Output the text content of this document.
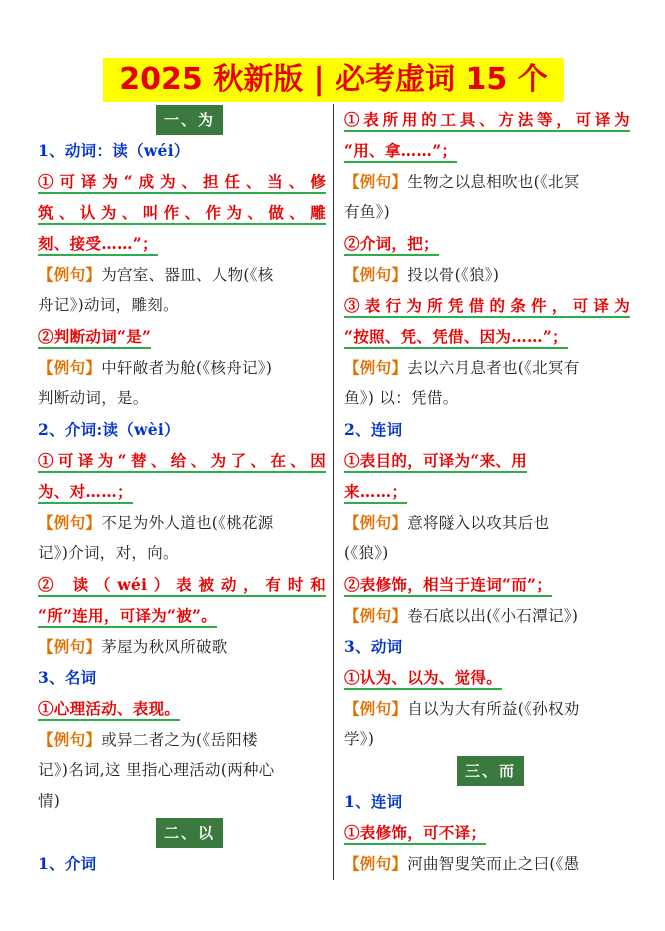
2025 秋新版 | 必考虚词 15 个
一、为
1、动词：读（wéi）
①可译为“成为、担任、当、修
筑、认为、叫作、作为、做、雕
刻、接受……”；
【例句】为宫室、器皿、人物(《核
舟记》)动词，雕刻。
②判断动词“是”
【例句】中轩敞者为舱(《核舟记》)
判断动词，是。
2、介词:读（wèi）
①可译为“替、给、为了、在、因
为、对……；
【例句】不足为外人道也(《桃花源
记》)介词，对，向。
② 读（wéi）表被动，有时和
“所”连用，可译为“被”。
【例句】茅屋为秋风所破歌
3、名词
①心理活动、表现。
【例句】或异二者之为(《岳阳楼
记》)名词,这 里指心理活动(两种心
情)
二、以
1、介词
①表所用的工具、方法等，可译为
“用、拿……”；
【例句】生物之以息相吹也(《北冥
有鱼》)
②介词，把；
【例句】投以骨(《狼》)
③表行为所凭借的条件，可译为
“按照、凭、凭借、因为……”；
【例句】去以六月息者也(《北冥有
鱼》) 以：凭借。
2、连词
①表目的，可译为“来、用
来……；
【例句】意将隧入以攻其后也
(《狼》)
②表修饰，相当于连词“而”；
【例句】卷石底以出(《小石潭记》)
3、动词
①认为、以为、觉得。
【例句】自以为大有所益(《孙权劝
学》)
三、而
1、连词
①表修饰，可不译；
【例句】河曲智叟笑而止之曰(《愚
